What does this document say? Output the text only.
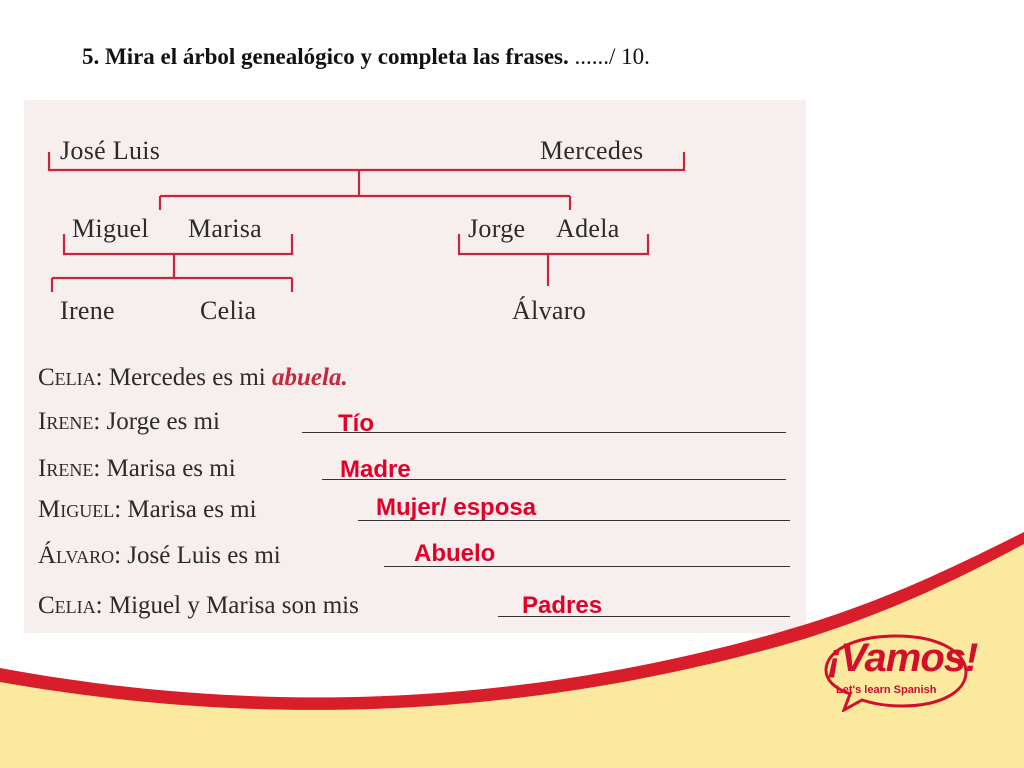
5. Mira el árbol genealógico y completa las frases. ....../ 10.
José Luis	Mercedes
Miguel Marisa	Jorge Adela
Irene	Celia	Álvaro
Celia: Mercedes es mi abuela.
Irene: Jorge es mi
Irene: Marisa es mi
Miguel: Marisa es mi
Álvaro: José Luis es mi
Celia: Miguel y Marisa son mis
Tío
Madre
Mujer/ esposa
Abuelo
Padres
¡Vamos!
Let's learn Spanish
